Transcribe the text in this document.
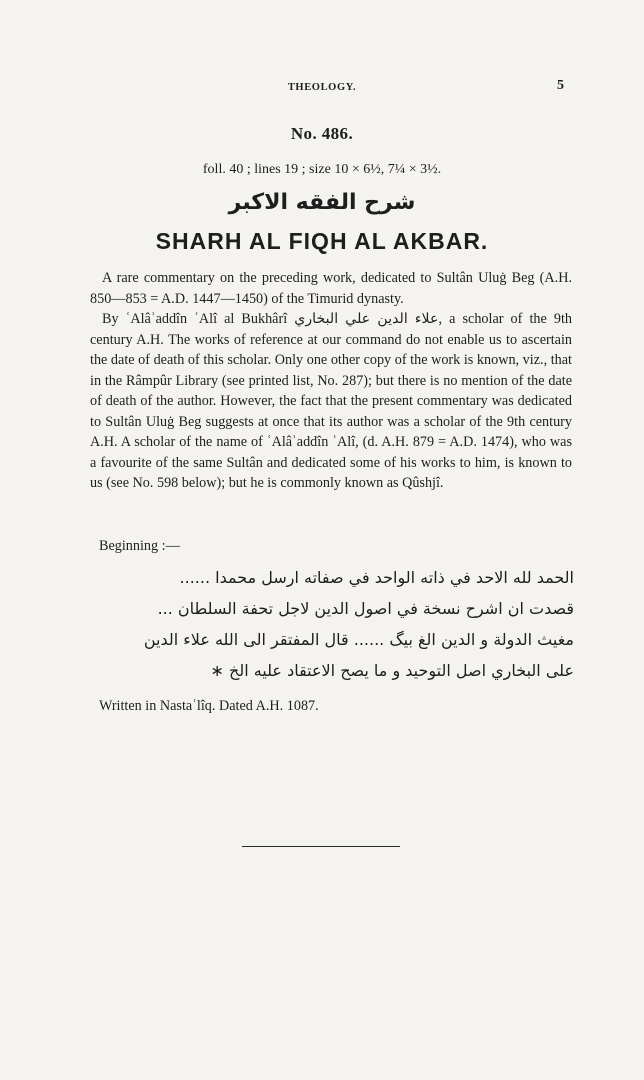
THEOLOGY.	5
No. 486.
foll. 40 ; lines 19 ; size 10 × 6½, 7¼ × 3½.
شرح الفقه الاكبر
SHARH AL FIQH AL AKBAR.

A rare commentary on the preceding work, dedicated to Sultân Uluġ Beg (A.H. 850—853 = A.D. 1447—1450) of the Timurid dynasty.

By ʿAlâʾaddîn ʿAlî al Bukhârî علاء الدين علي البخاري, a scholar of the 9th century A.H. The works of reference at our command do not enable us to ascertain the date of death of this scholar. Only one other copy of the work is known, viz., that in the Râmpûr Library (see printed list, No. 287); but there is no mention of the date of death of the author. However, the fact that the present commentary was dedicated to Sultân Uluġ Beg suggests at once that its author was a scholar of the 9th century A.H. A scholar of the name of ʿAlâʾaddîn ʿAlî, (d. A.H. 879 = A.D. 1474), who was a favourite of the same Sultân and dedicated some of his works to him, is known to us (see No. 598 below); but he is commonly known as Qûshjî.

Beginning :—
الحمد لله الاحد في ذاته الواحد في صفاته ارسل محمدا ......
قصدت ان اشرح نسخة في اصول الدين لاجل تحفة السلطان ...
مغيث الدولة و الدين الغ بيگ ...... قال المفتقر الى الله علاء الدين
على البخاري اصل التوحيد و ما يصح الاعتقاد عليه الخ ∗
Written in Nastaʿlîq. Dated A.H. 1087.
